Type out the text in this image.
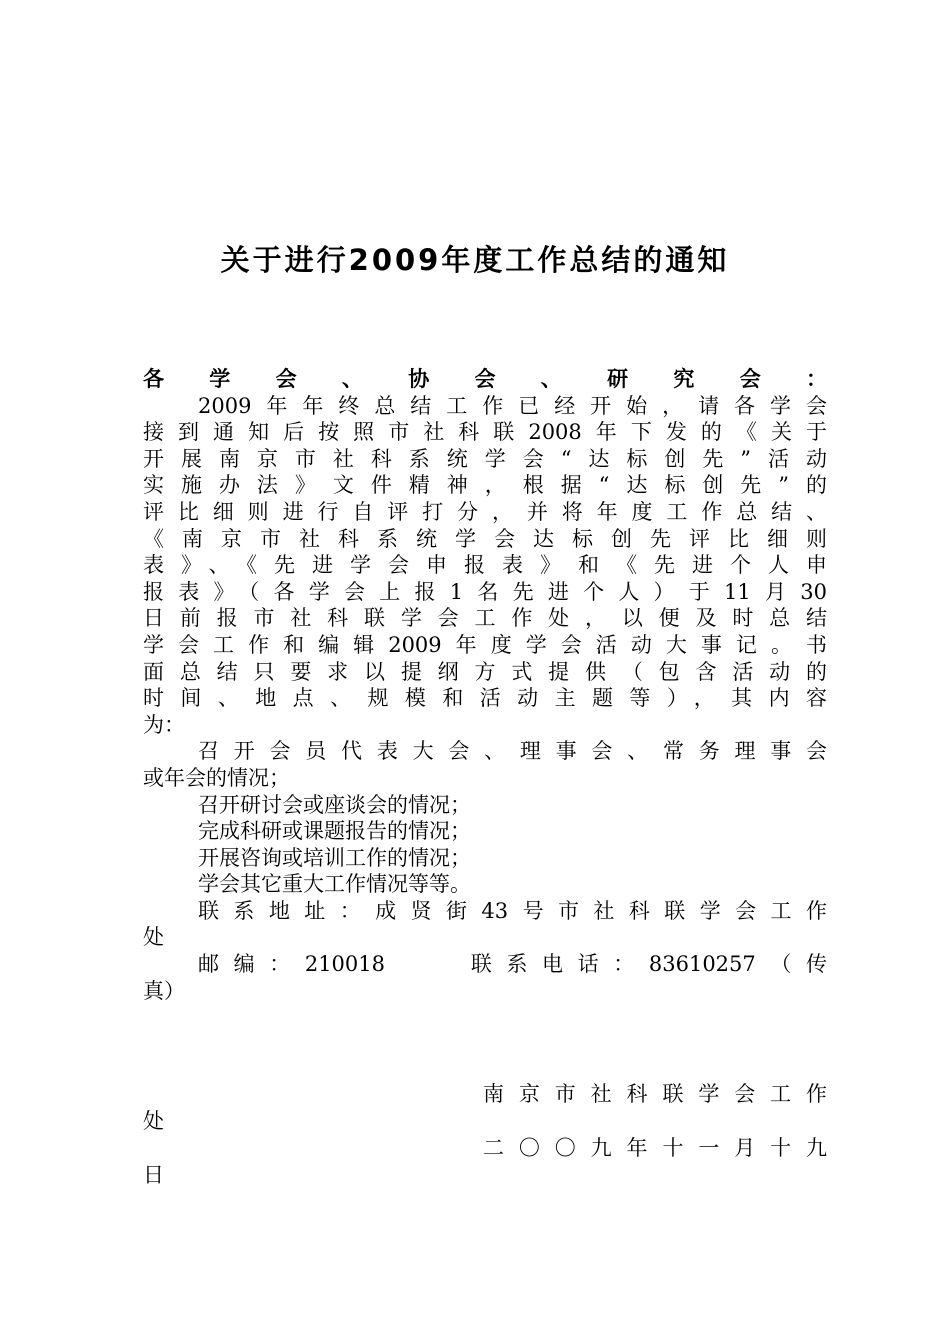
关于进行2009年度工作总结的通知
各学会、协会、研究会：
2009年年终总结工作已经开始，请各学会
接到通知后按照市社科联2008年下发的《关于
开展南京市社科系统学会“达标创先”活动
实施办法》文件精神，根据“达标创先”的
评比细则进行自评打分，并将年度工作总结、
《南京市社科系统学会达标创先评比细则
表》、《先进学会申报表》和《先进个人申
报表》（各学会上报1名先进个人）于11月30
日前报市社科联学会工作处，以便及时总结
学会工作和编辑2009年度学会活动大事记。书
面总结只要求以提纲方式提供（包含活动的
时间、地点、规模和活动主题等），其内容
为：
召开会员代表大会、理事会、常务理事会
或年会的情况；
召开研讨会或座谈会的情况；
完成科研或课题报告的情况；
开展咨询或培训工作的情况；
学会其它重大工作情况等等。
联系地址：成贤街43号市社科联学会工作
处
邮编：210018　　联系电话：83610257（传
真）
南京市社科联学会工作
处
二〇〇九年十一月十九
日
